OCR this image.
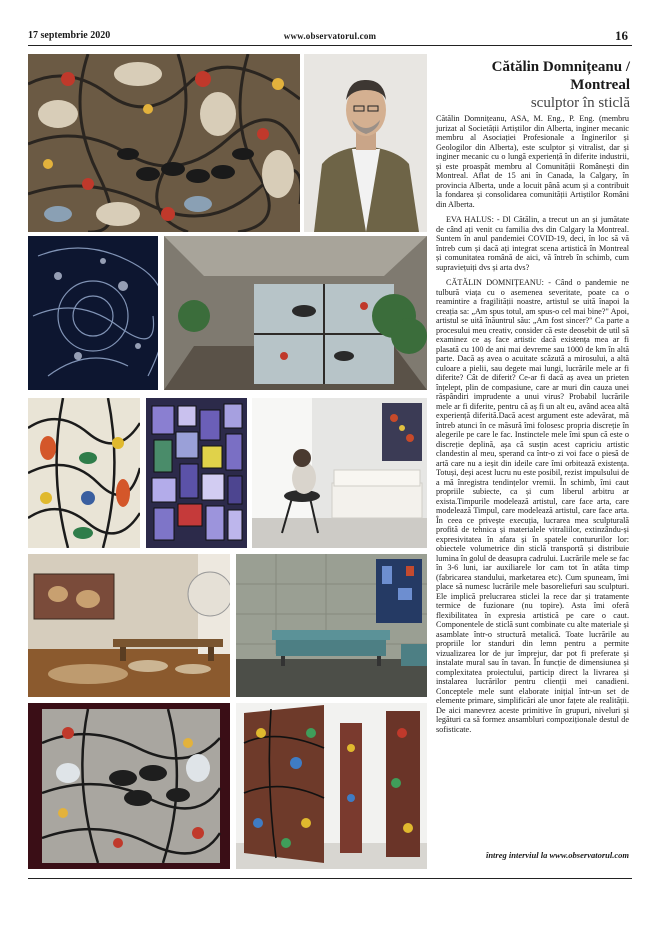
17 septembrie 2020	www.observatorul.com	16
Cătălin Domnițeanu / Montreal
sculptor în sticlă

Cătălin Domnițeanu, ASA, M. Eng., P. Eng. (membru jurizat al Societății Artiștilor din Alberta, inginer mecanic membru al Asociației Profesionale a Inginerilor și Geologilor din Alberta), este sculptor și vitralist, dar și inginer mecanic cu o lungă experiență în diferite industrii, și este proaspăt membru al Comunității Românești din Montreal. Aflat de 15 ani în Canada, la Calgary, în provincia Alberta, unde a locuit până acum și a contribuit la fondarea și consolidarea comunității Artiștilor Români din Alberta.

EVA HALUS: - Dl Cătălin, a trecut un an și jumătate de când ați venit cu familia dvs din Calgary la Montreal. Suntem în anul pandemiei COVID-19, deci, în loc să vă întreb cum și dacă ați integrat scena artistică în Montreal și comunitatea română de aici, vă întreb în schimb, cum supraviețuiți dvs și arta dvs?

CĂTĂLIN DOMNIȚEANU: - Când o pandemie ne tulbură viața cu o asemenea severitate, poate ca o reamintire a fragilității noastre, artistul se uită înapoi la creația sa: „Am spus totul, am spus-o cel mai bine?" Apoi, artistul se uită înăuntrul său: „Am fost sincer?" Ca parte a procesului meu creativ, consider că este deosebit de util să examinez ce aș face artistic dacă existența mea ar fi plasată cu 100 de ani mai devreme sau 1000 de km în altă parte. Dacă aș avea o acuitate scăzută a mirosului, a altă culoare a pielii, sau degete mai lungi, lucrările mele ar fi diferite? Cât de diferit? Ce-ar fi dacă aș avea un prieten înțelept, plin de compasiune, care ar muri din cauza unei răspândiri imprudente a unui virus? Probabil lucrările mele ar fi diferite, pentru că aș fi un alt eu, având acea altă experiență diferită.Dacă acest argument este adevărat, mă întreb atunci în ce măsură îmi folosesc propria discreție în alegerile pe care le fac. Instinctele mele îmi spun că este o discreție deplină, așa că susțin acest capriciu artistic clandestin al meu, sperand ca într-o zi voi face o piesă de artă care nu a ieșit din ideile care îmi orbitează existența. Totuși, deși acest lucru nu este posibil, rezist impulsului de a mă înregistra tendințelor vremii. În schimb, îmi caut propriile subiecte, ca și cum liberul arbitru ar exista.Timpurile modelează artistul, care face arta, care modelează Timpul, care modelează artistul, care face arta. În ceea ce privește execuția, lucrarea mea sculpturală profită de tehnica și materialele vitraliilor, extinzându-și expresivitatea în afara și în spatele contururilor lor: obiectele volumetrice din sticlă transportă și distribuie lumina în golul de deasupra cadrului. Lucrările mele se fac în 3-6 luni, iar auxiliarele lor cam tot în atâta timp (fabricarea standului, marketarea etc). Cum spuneam, îmi place să numesc lucrările mele basoreliefuri sau sculpturi. Ele implică prelucrarea sticlei la rece dar și tratamente termice de fuzionare (nu topire). Asta îmi oferă flexibilitatea în expresia artistică pe care o caut. Componentele de sticlă sunt combinate cu alte materiale și asamblate într-o structură metalică. Toate lucrările au propriile lor standuri din lemn pentru a permite vizualizarea lor de jur împrejur, dar pot fi preferate și instalate mural sau în tavan. În funcție de dimensiunea și complexitatea proiectului, particip direct la livrarea și instalarea lucrărilor pentru clienții mei canadieni. Conceptele mele sunt elaborate inițial într-un set de elemente primare, simplificări ale unor fațete ale realității. De aici manevrez aceste primitive în grupuri, niveluri și legături ca să formez ansambluri compoziționale destul de sofisticate.

întreg interviul la www.observatorul.com
